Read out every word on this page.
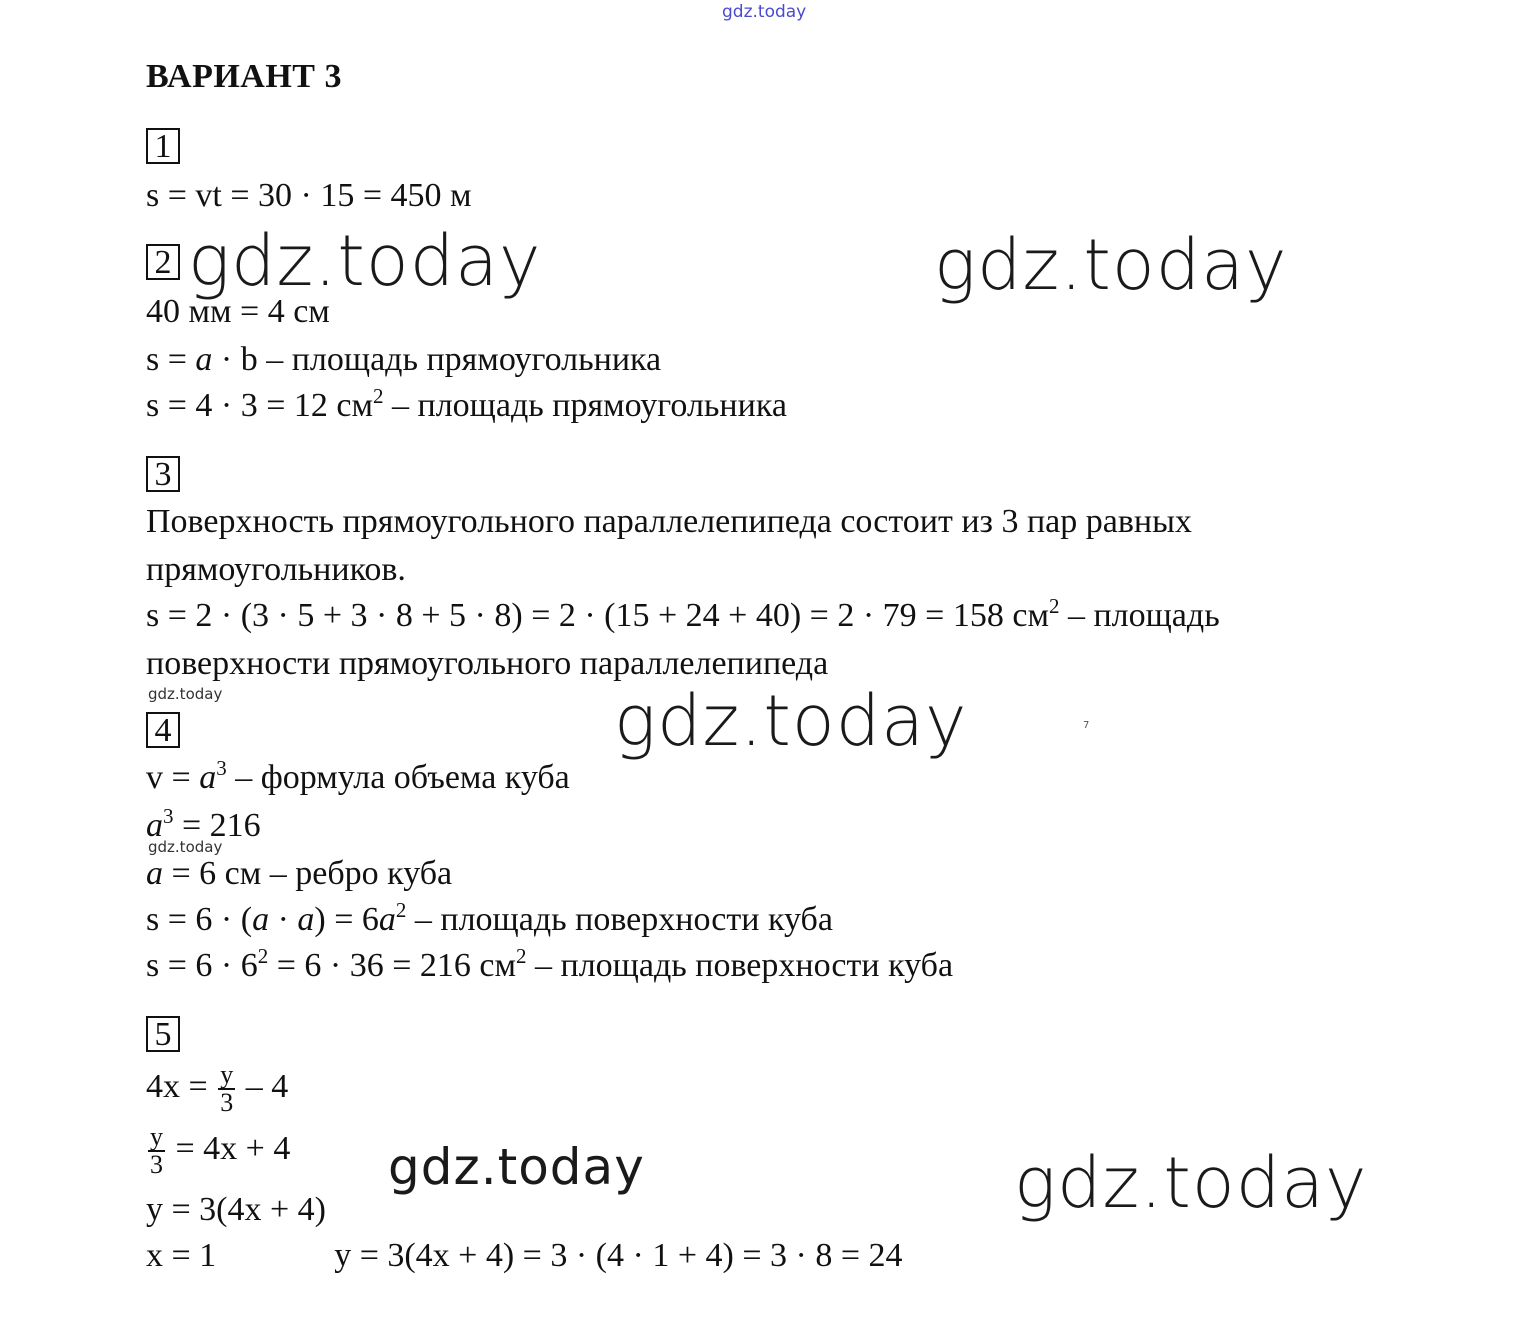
gdz.today
gdz.today	gdz.today
gdz.today
gdz.today	gdz.today
gdz.today
gdz.today
7
ВАРИАНТ 3
1
s = vt = 30 · 15 = 450 м
2
40 мм = 4 см
s = a · b – площадь прямоугольника
s = 4 · 3 = 12 $см^2$ – площадь прямоугольника
3
Поверхность прямоугольного параллелепипеда состоит из 3 пар равных
прямоугольников.
s = 2 · (3 · 5 + 3 · 8 + 5 · 8) = 2 · (15 + 24 + 40) = 2 · 79 = 158 $см^2$ – площадь
поверхности прямоугольного параллелепипеда
4
$v = a^3$ – формула объема куба
$a^3 = 216$
a = 6 см – ребро куба
$s = 6 \cdot (a \cdot a) = 6a^2$ – площадь поверхности куба
$s = 6 \cdot 6^2 = 6 \cdot 36 = 216$ $см^2$ – площадь поверхности куба
5
$4x = \frac{y}{3} - 4$
$\frac{y}{3} = 4x + 4$
y = 3(4x + 4)
x = 1	y = 3(4x + 4) = 3 · (4 · 1 + 4) = 3 · 8 = 24
